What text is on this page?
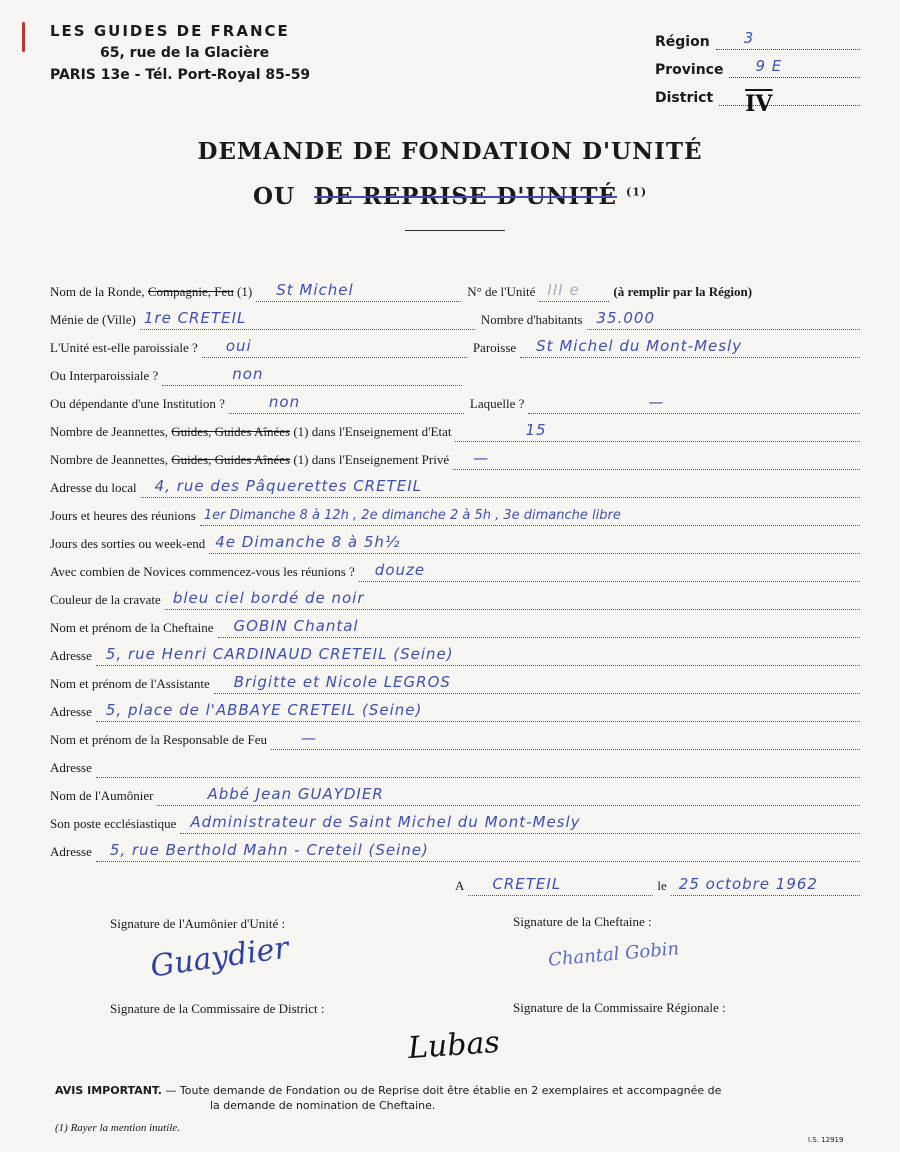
LES GUIDES DE FRANCE
65, rue de la Glacière
PARIS 13e - Tél. Port-Royal 85-59
Région 3
Province 9 E
District $\overline{IV}$
DEMANDE DE FONDATION D'UNITÉ
OU DE REPRISE D'UNITÉ $^{(1)}$
Nom de la Ronde, Compagnie, Feu (1) St Michel	N° de l'Unité III e	(à remplir par la Région)
Ménie de (Ville) 1re CRETEIL	Nombre d'habitants 35.000
L'Unité est-elle paroissiale ? oui	Paroisse St Michel du Mont-Mesly
Ou Interparoissiale ?	non
Ou dépendante d'une Institution ?	non	Laquelle ?	—
Nombre de Jeannettes, Guides, Guides Aînées (1) dans l'Enseignement d'Etat	15
Nombre de Jeannettes, Guides, Guides Aînées (1) dans l'Enseignement Privé —
Adresse du local 4, rue des Pâquerettes CRETEIL
Jours et heures des réunions 1er Dimanche 8 à 12h , 2e dimanche 2 à 5h , 3e dimanche libre
Jours des sorties ou week-end 4e Dimanche 8 à 5h½
Avec combien de Novices commencez-vous les réunions ? douze
Couleur de la cravate bleu ciel bordé de noir
Nom et prénom de la Cheftaine GOBIN Chantal
Adresse 5, rue Henri CARDINAUD CRETEIL (Seine)
Nom et prénom de l'Assistante Brigitte et Nicole LEGROS
Adresse 5, place de l'ABBAYE CRETEIL (Seine)
Nom et prénom de la Responsable de Feu —
Adresse
Nom de l'Aumônier	Abbé Jean GUAYDIER
Son poste ecclésiastique Administrateur de Saint Michel du Mont-Mesly
Adresse 5, rue Berthold Mahn - Creteil (Seine)
A CRETEIL	le 25 octobre 1962
Signature de l'Aumônier d'Unité :
Guaydier
Signature de la Cheftaine :
Chantal Gobin
Signature de la Commissaire de District :	Signature de la Commissaire Régionale :
Lubas
AVIS IMPORTANT. — Toute demande de Fondation ou de Reprise doit être établie en 2 exemplaires et accompagnée de
la demande de nomination de Cheftaine.
(1) Rayer la mention inutile.
I.S. 12919
